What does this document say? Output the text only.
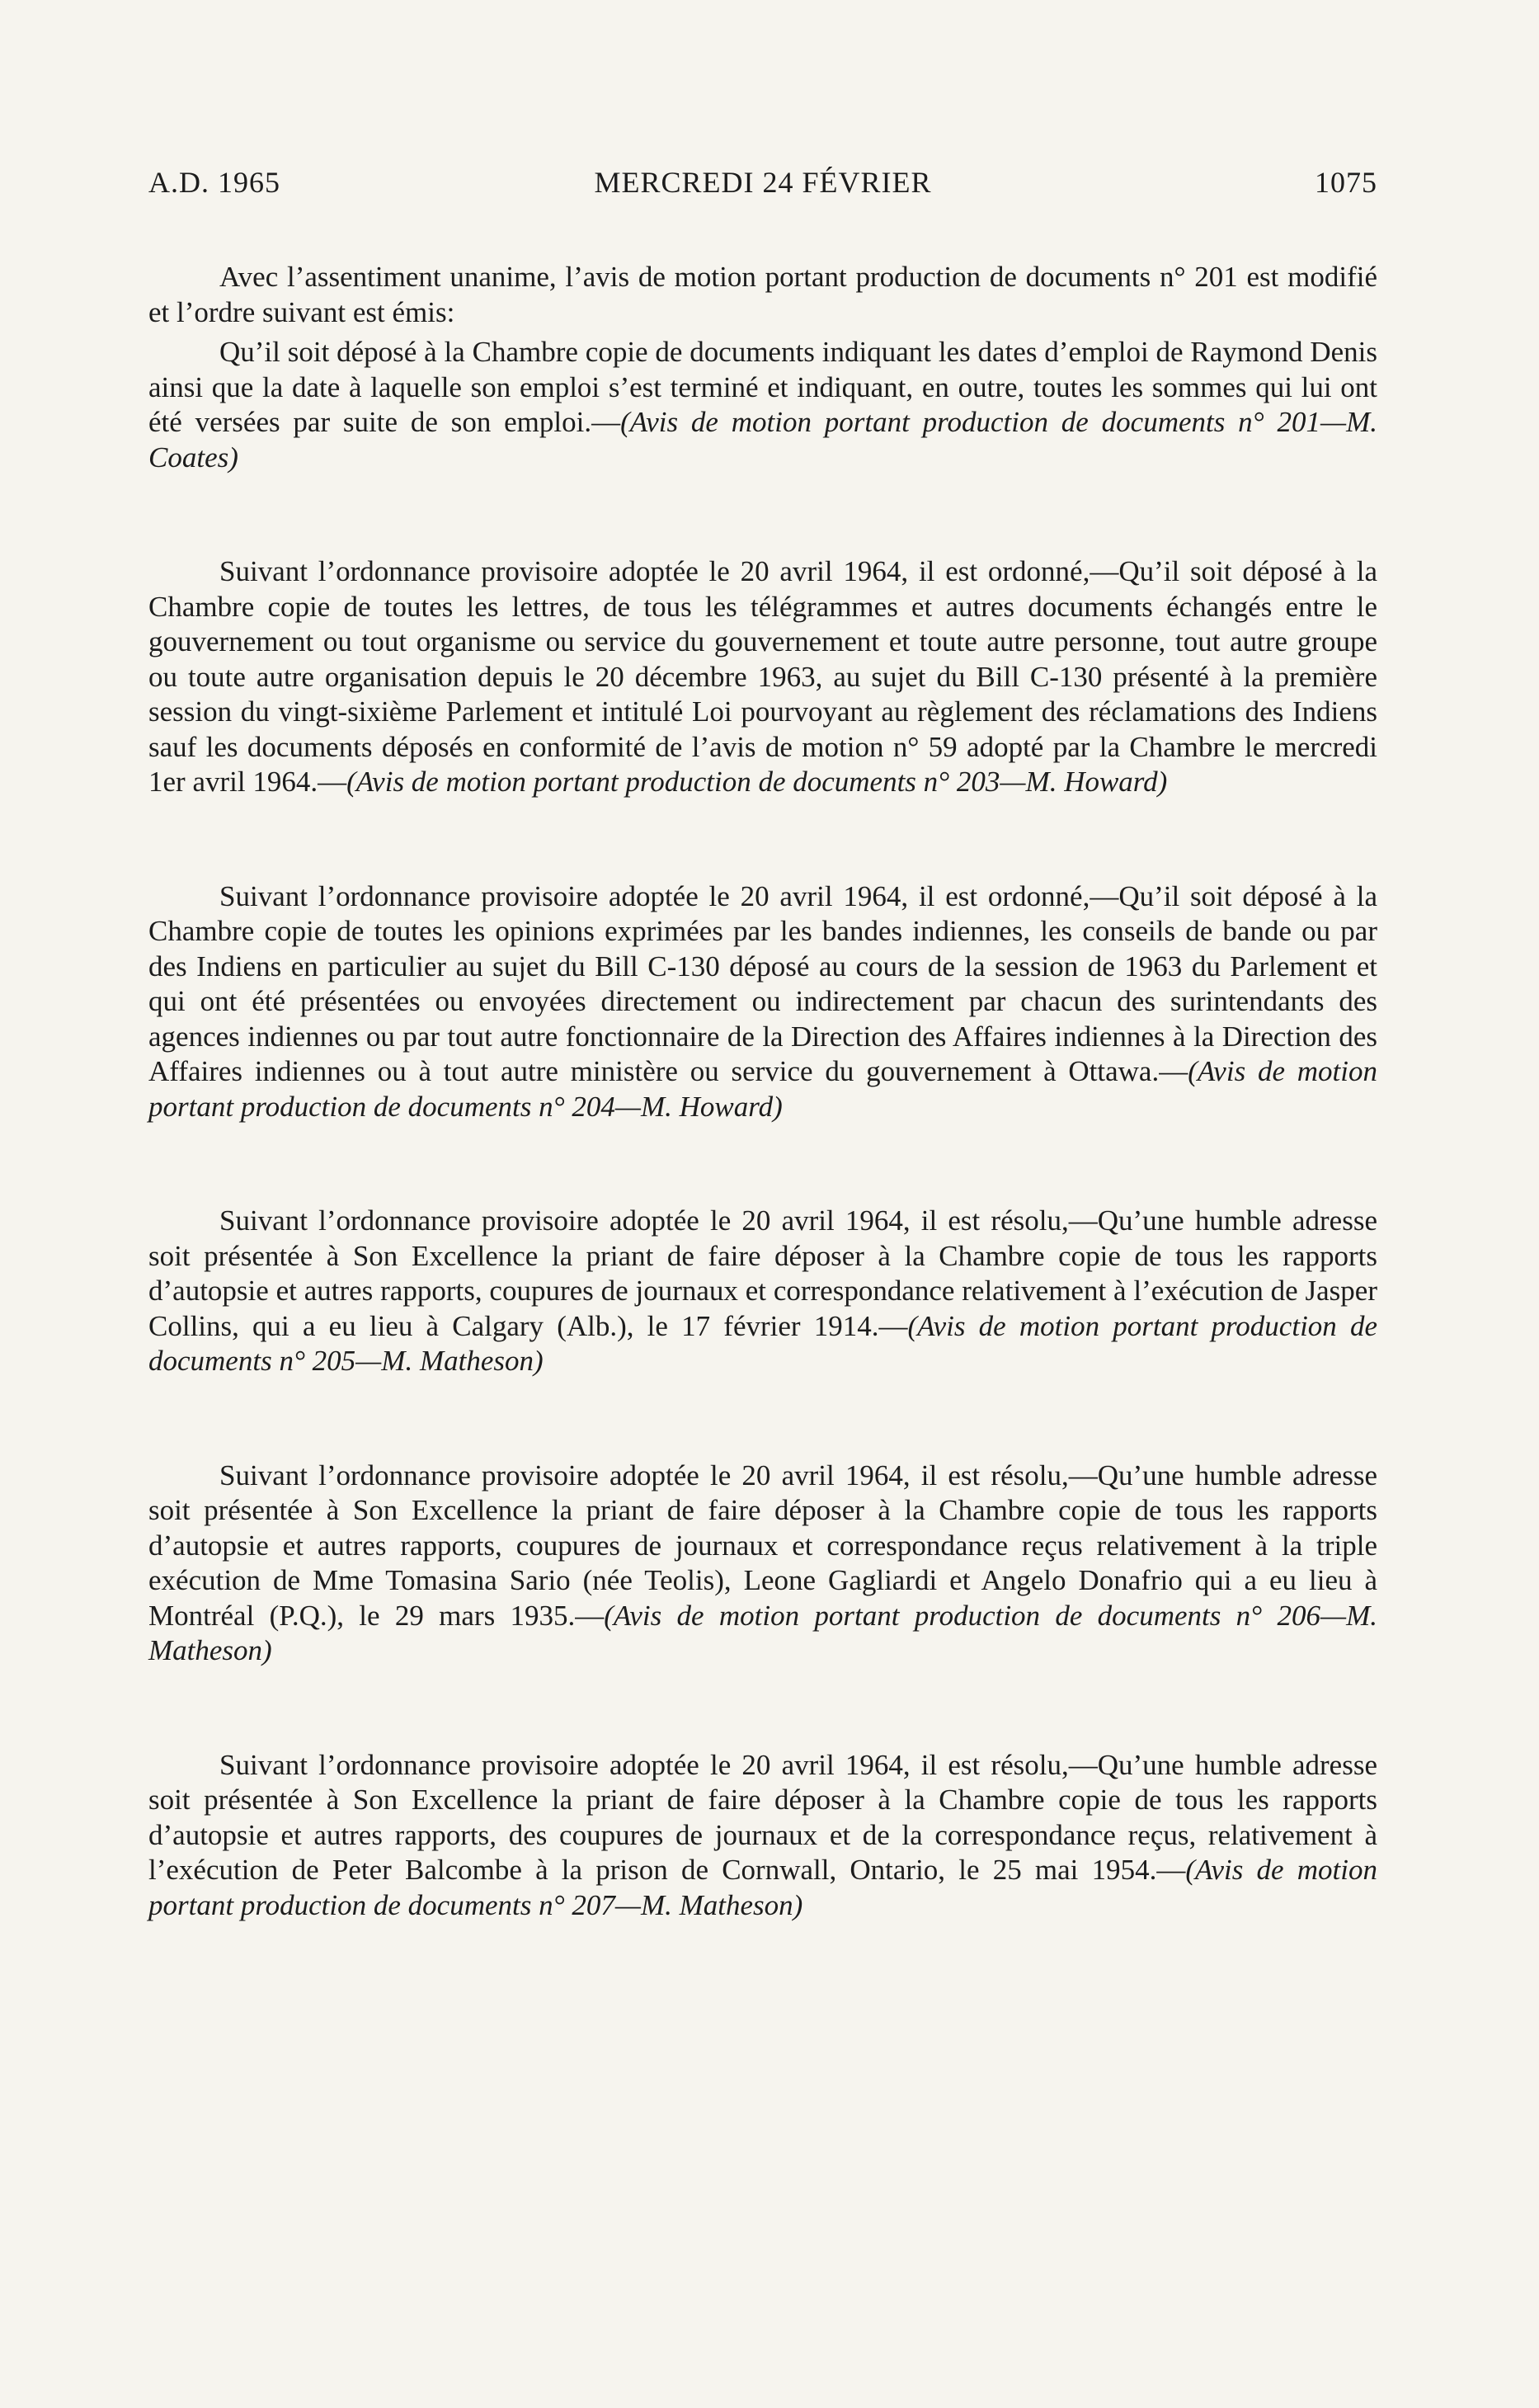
A.D. 1965	MERCREDI 24 FÉVRIER	1075

Avec l’assentiment unanime, l’avis de motion portant production de documents n° 201 est modifié et l’ordre suivant est émis:

Qu’il soit déposé à la Chambre copie de documents indiquant les dates d’emploi de Raymond Denis ainsi que la date à laquelle son emploi s’est terminé et indiquant, en outre, toutes les sommes qui lui ont été versées par suite de son emploi.—(Avis de motion portant production de documents n° 201—M. Coates)

Suivant l’ordonnance provisoire adoptée le 20 avril 1964, il est ordonné,—Qu’il soit déposé à la Chambre copie de toutes les lettres, de tous les télégrammes et autres documents échangés entre le gouvernement ou tout organisme ou service du gouvernement et toute autre personne, tout autre groupe ou toute autre organisation depuis le 20 décembre 1963, au sujet du Bill C-130 présenté à la première session du vingt-sixième Parlement et intitulé Loi pourvoyant au règlement des réclamations des Indiens sauf les documents déposés en conformité de l’avis de motion n° 59 adopté par la Chambre le mercredi 1er avril 1964.—(Avis de motion portant production de documents n° 203—M. Howard)

Suivant l’ordonnance provisoire adoptée le 20 avril 1964, il est ordonné,—Qu’il soit déposé à la Chambre copie de toutes les opinions exprimées par les bandes indiennes, les conseils de bande ou par des Indiens en particulier au sujet du Bill C-130 déposé au cours de la session de 1963 du Parlement et qui ont été présentées ou envoyées directement ou indirectement par chacun des surintendants des agences indiennes ou par tout autre fonctionnaire de la Direction des Affaires indiennes à la Direction des Affaires indiennes ou à tout autre ministère ou service du gouvernement à Ottawa.—(Avis de motion portant production de documents n° 204—M. Howard)

Suivant l’ordonnance provisoire adoptée le 20 avril 1964, il est résolu,—Qu’une humble adresse soit présentée à Son Excellence la priant de faire déposer à la Chambre copie de tous les rapports d’autopsie et autres rapports, coupures de journaux et correspondance relativement à l’exécution de Jasper Collins, qui a eu lieu à Calgary (Alb.), le 17 février 1914.—(Avis de motion portant production de documents n° 205—M. Matheson)

Suivant l’ordonnance provisoire adoptée le 20 avril 1964, il est résolu,—Qu’une humble adresse soit présentée à Son Excellence la priant de faire déposer à la Chambre copie de tous les rapports d’autopsie et autres rapports, coupures de journaux et correspondance reçus relativement à la triple exécution de Mme Tomasina Sario (née Teolis), Leone Gagliardi et Angelo Donafrio qui a eu lieu à Montréal (P.Q.), le 29 mars 1935.—(Avis de motion portant production de documents n° 206—M. Matheson)

Suivant l’ordonnance provisoire adoptée le 20 avril 1964, il est résolu,—Qu’une humble adresse soit présentée à Son Excellence la priant de faire déposer à la Chambre copie de tous les rapports d’autopsie et autres rapports, des coupures de journaux et de la correspondance reçus, relativement à l’exécution de Peter Balcombe à la prison de Cornwall, Ontario, le 25 mai 1954.—(Avis de motion portant production de documents n° 207—M. Matheson)
